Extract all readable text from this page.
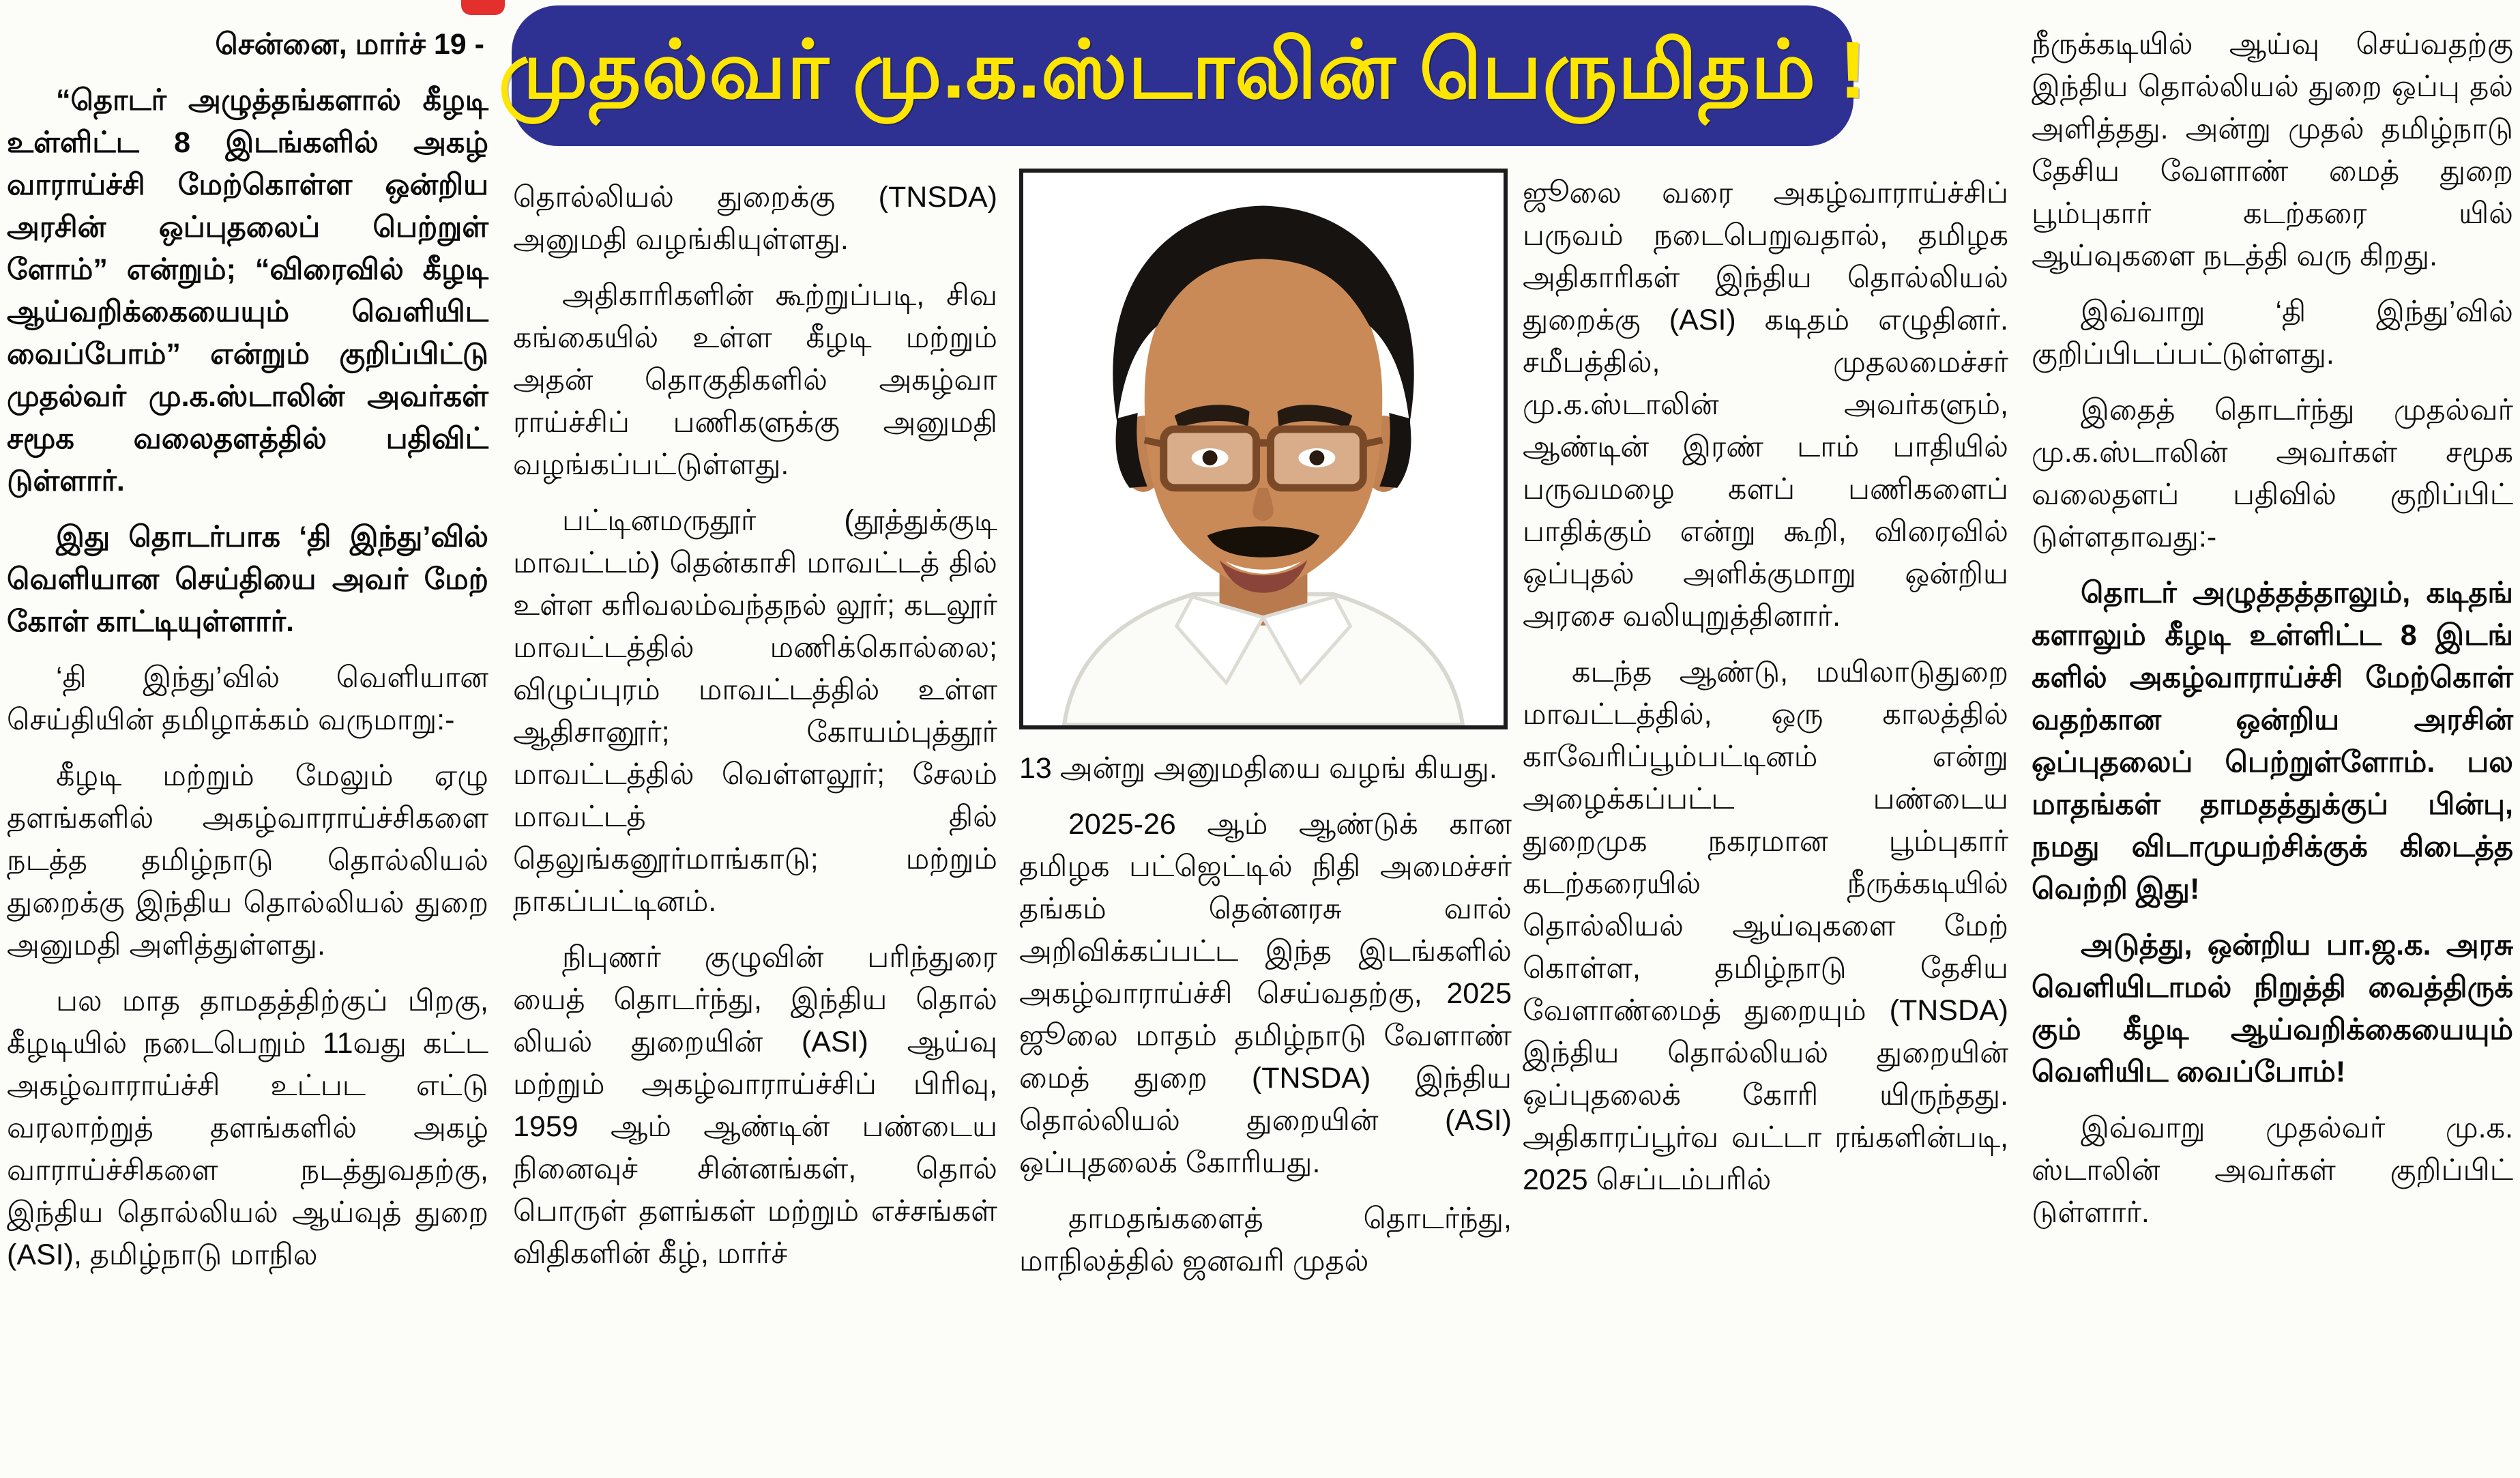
முதல்வர் மு.க.ஸ்டாலின் பெருமிதம் !

சென்னை, மார்ச் 19 -

“தொடர் அழுத்தங்களால் கீழடி உள்ளிட்ட 8 இடங்களில் அகழ் வாராய்ச்சி மேற்கொள்ள ஒன்றிய அரசின் ஒப்புதலைப் பெற்றுள் ளோம்” என்றும்; “விரைவில் கீழடி ஆய்வறிக்கையையும் வெளியிட வைப்போம்” என்றும் குறிப்பிட்டு முதல்வர் மு.க.ஸ்டாலின் அவர்கள் சமூக வலைதளத்தில் பதிவிட் டுள்ளார்.

இது தொடர்பாக ‘தி இந்து’வில் வெளியான செய்தியை அவர் மேற் கோள் காட்டியுள்ளார்.

‘தி இந்து’வில் வெளியான செய்தியின் தமிழாக்கம் வருமாறு:-

கீழடி மற்றும் மேலும் ஏழு தளங்களில் அகழ்வாராய்ச்சிகளை நடத்த தமிழ்நாடு தொல்லியல் துறைக்கு இந்திய தொல்லியல் துறை அனுமதி அளித்துள்ளது.

பல மாத தாமதத்திற்குப் பிறகு, கீழடியில் நடைபெறும் 11வது கட்ட அகழ்வாராய்ச்சி உட்பட எட்டு வரலாற்றுத் தளங்களில் அகழ் வாராய்ச்சிகளை நடத்துவதற்கு, இந்திய தொல்லியல் ஆய்வுத் துறை (ASI), தமிழ்நாடு மாநில

தொல்லியல் துறைக்கு (TNSDA) அனுமதி வழங்கியுள்ளது.

அதிகாரிகளின் கூற்றுப்படி, சிவ கங்கையில் உள்ள கீழடி மற்றும் அதன் தொகுதிகளில் அகழ்வா ராய்ச்சிப் பணிகளுக்கு அனுமதி வழங்கப்பட்டுள்ளது.

பட்டினமருதூர் (தூத்துக்குடி மாவட்டம்) தென்காசி மாவட்டத் தில் உள்ள கரிவலம்வந்தநல் லூர்; கடலூர் மாவட்டத்தில் மணிக்கொல்லை; விழுப்புரம் மாவட்டத்தில் உள்ள ஆதிசானூர்; கோயம்புத்தூர் மாவட்டத்தில் வெள்ளலூர்; சேலம் மாவட்டத் தில் தெலுங்கனூர்மாங்காடு; மற்றும் நாகப்பட்டினம்.

நிபுணர் குழுவின் பரிந்துரை யைத் தொடர்ந்து, இந்திய தொல் லியல் துறையின் (ASI) ஆய்வு மற்றும் அகழ்வாராய்ச்சிப் பிரிவு, 1959 ஆம் ஆண்டின் பண்டைய நினைவுச் சின்னங்கள், தொல் பொருள் தளங்கள் மற்றும் எச்சங்கள் விதிகளின் கீழ், மார்ச்

13 அன்று அனுமதியை வழங் கியது.

2025-26 ஆம் ஆண்டுக் கான தமிழக பட்ஜெட்டில் நிதி அமைச்சர் தங்கம் தென்னரசு வால் அறிவிக்கப்பட்ட இந்த இடங்களில் அகழ்வாராய்ச்சி செய்வதற்கு, 2025 ஜூலை மாதம் தமிழ்நாடு வேளாண் மைத் துறை (TNSDA) இந்திய தொல்லியல் துறையின் (ASI) ஒப்புதலைக் கோரியது.

தாமதங்களைத் தொடர்ந்து, மாநிலத்தில் ஜனவரி முதல்

ஜூலை வரை அகழ்வாராய்ச்சிப் பருவம் நடைபெறுவதால், தமிழக அதிகாரிகள் இந்திய தொல்லியல் துறைக்கு (ASI) கடிதம் எழுதினர். சமீபத்தில், முதலமைச்சர் மு.க.ஸ்டாலின் அவர்களும், ஆண்டின் இரண் டாம் பாதியில் பருவமழை களப் பணிகளைப் பாதிக்கும் என்று கூறி, விரைவில் ஒப்புதல் அளிக்குமாறு ஒன்றிய அரசை வலியுறுத்தினார்.

கடந்த ஆண்டு, மயிலாடுதுறை மாவட்டத்தில், ஒரு காலத்தில் காவேரிப்பூம்பட்டினம் என்று அழைக்கப்பட்ட பண்டைய துறைமுக நகரமான பூம்புகார் கடற்கரையில் நீருக்கடியில் தொல்லியல் ஆய்வுகளை மேற் கொள்ள, தமிழ்நாடு தேசிய வேளாண்மைத் துறையும் (TNSDA) இந்திய தொல்லியல் துறையின் ஒப்புதலைக் கோரி யிருந்தது. அதிகாரப்பூர்வ வட்டா ரங்களின்படி, 2025 செப்டம்பரில்

நீருக்கடியில் ஆய்வு செய்வதற்கு இந்திய தொல்லியல் துறை ஒப்பு தல் அளித்தது. அன்று முதல் தமிழ்நாடு தேசிய வேளாண் மைத் துறை பூம்புகார் கடற்கரை யில் ஆய்வுகளை நடத்தி வரு கிறது.

இவ்வாறு ‘தி இந்து’வில் குறிப்பிடப்பட்டுள்ளது.

இதைத் தொடர்ந்து முதல்வர் மு.க.ஸ்டாலின் அவர்கள் சமூக வலைதளப் பதிவில் குறிப்பிட் டுள்ளதாவது:-

தொடர் அழுத்தத்தாலும், கடிதங் களாலும் கீழடி உள்ளிட்ட 8 இடங் களில் அகழ்வாராய்ச்சி மேற்கொள் வதற்கான ஒன்றிய அரசின் ஒப்புதலைப் பெற்றுள்ளோம். பல மாதங்கள் தாமதத்துக்குப் பின்பு, நமது விடாமுயற்சிக்குக் கிடைத்த வெற்றி இது!

அடுத்து, ஒன்றிய பா.ஜ.க. அரசு வெளியிடாமல் நிறுத்தி வைத்திருக் கும் கீழடி ஆய்வறிக்கையையும் வெளியிட வைப்போம்!

இவ்வாறு முதல்வர் மு.க. ஸ்டாலின் அவர்கள் குறிப்பிட் டுள்ளார்.
